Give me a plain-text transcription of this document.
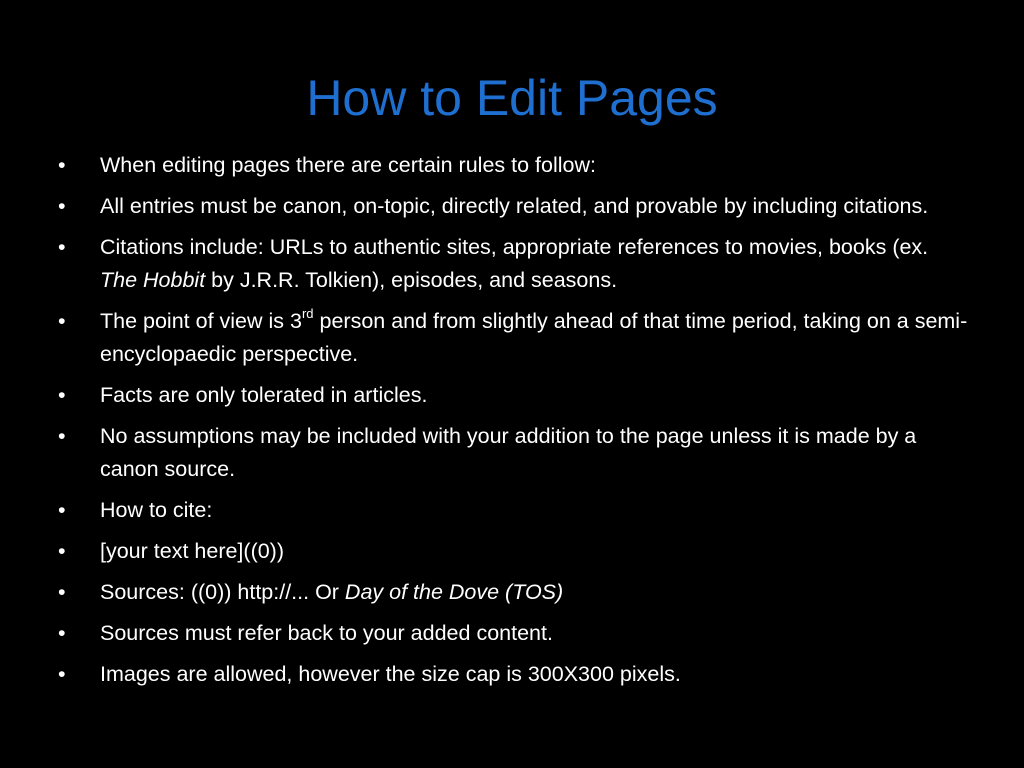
How to Edit Pages
•	When editing pages there are certain rules to follow:
•	All entries must be canon, on-topic, directly related, and provable by including citations.
•	Citations include: URLs to authentic sites, appropriate references to movies, books (ex. The Hobbit by J.R.R. Tolkien), episodes, and seasons.
•	The point of view is 3rd person and from slightly ahead of that time period, taking on a semi-encyclopaedic perspective.
•	Facts are only tolerated in articles.
•	No assumptions may be included with your addition to the page unless it is made by a canon source.
•	How to cite:
•	[your text here]((0))
•	Sources: ((0)) http://... Or Day of the Dove (TOS)
•	Sources must refer back to your added content.
•	Images are allowed, however the size cap is 300X300 pixels.
